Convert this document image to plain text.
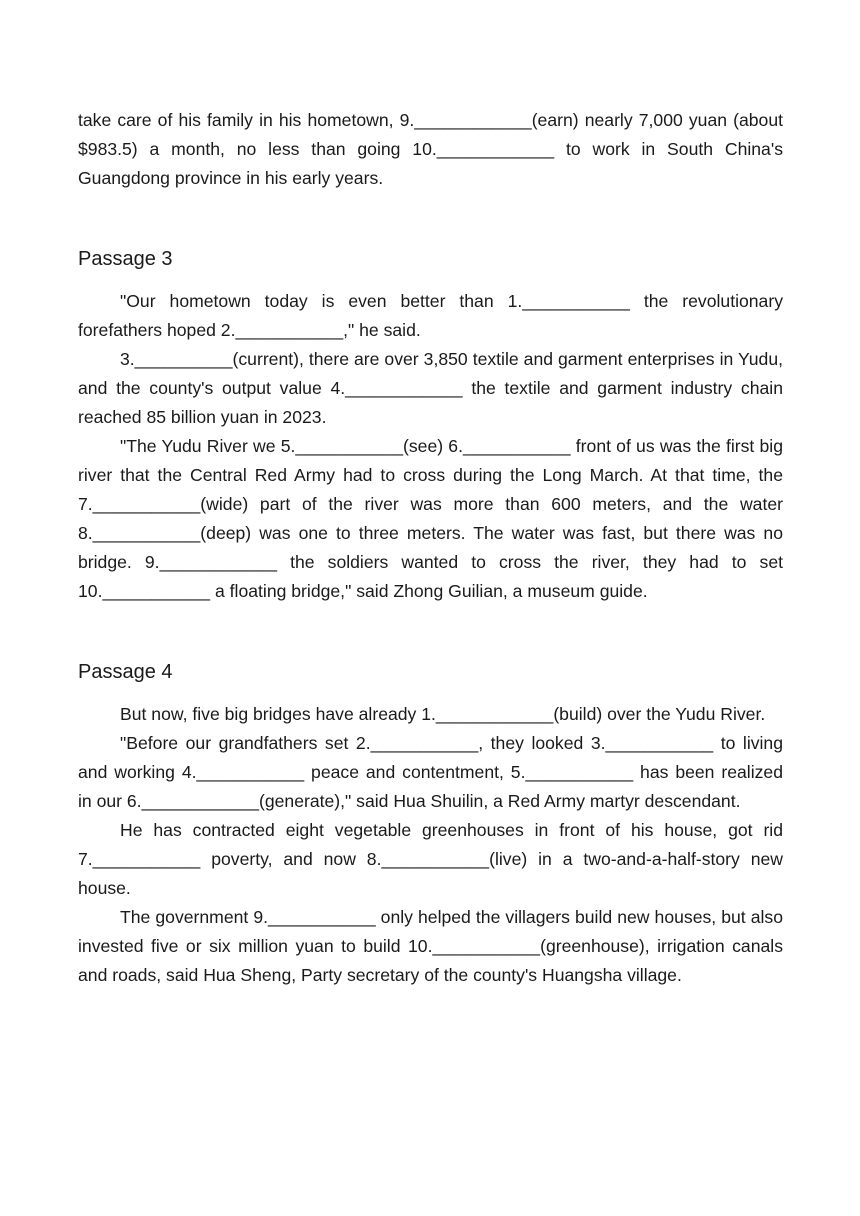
take care of his family in his hometown, 9.____________(earn) nearly 7,000 yuan (about $983.5) a month, no less than going 10.____________ to work in South China's Guangdong province in his early years.

Passage 3

"Our hometown today is even better than 1.___________ the revolutionary forefathers hoped 2.___________," he said.

3.__________(current), there are over 3,850 textile and garment enterprises in Yudu, and the county's output value 4.____________ the textile and garment industry chain reached 85 billion yuan in 2023.

"The Yudu River we 5.___________(see) 6.___________ front of us was the first big river that the Central Red Army had to cross during the Long March. At that time, the 7.___________(wide) part of the river was more than 600 meters, and the water 8.___________(deep) was one to three meters. The water was fast, but there was no bridge. 9.____________ the soldiers wanted to cross the river, they had to set 10.___________ a floating bridge," said Zhong Guilian, a museum guide.

Passage 4

But now, five big bridges have already 1.____________(build) over the Yudu River.

"Before our grandfathers set 2.___________, they looked 3.___________ to living and working 4.___________ peace and contentment, 5.___________ has been realized in our 6.____________(generate)," said Hua Shuilin, a Red Army martyr descendant.

He has contracted eight vegetable greenhouses in front of his house, got rid 7.___________ poverty, and now 8.___________(live) in a two-and-a-half-story new house.

The government 9.___________ only helped the villagers build new houses, but also invested five or six million yuan to build 10.___________(greenhouse), irrigation canals and roads, said Hua Sheng, Party secretary of the county's Huangsha village.
